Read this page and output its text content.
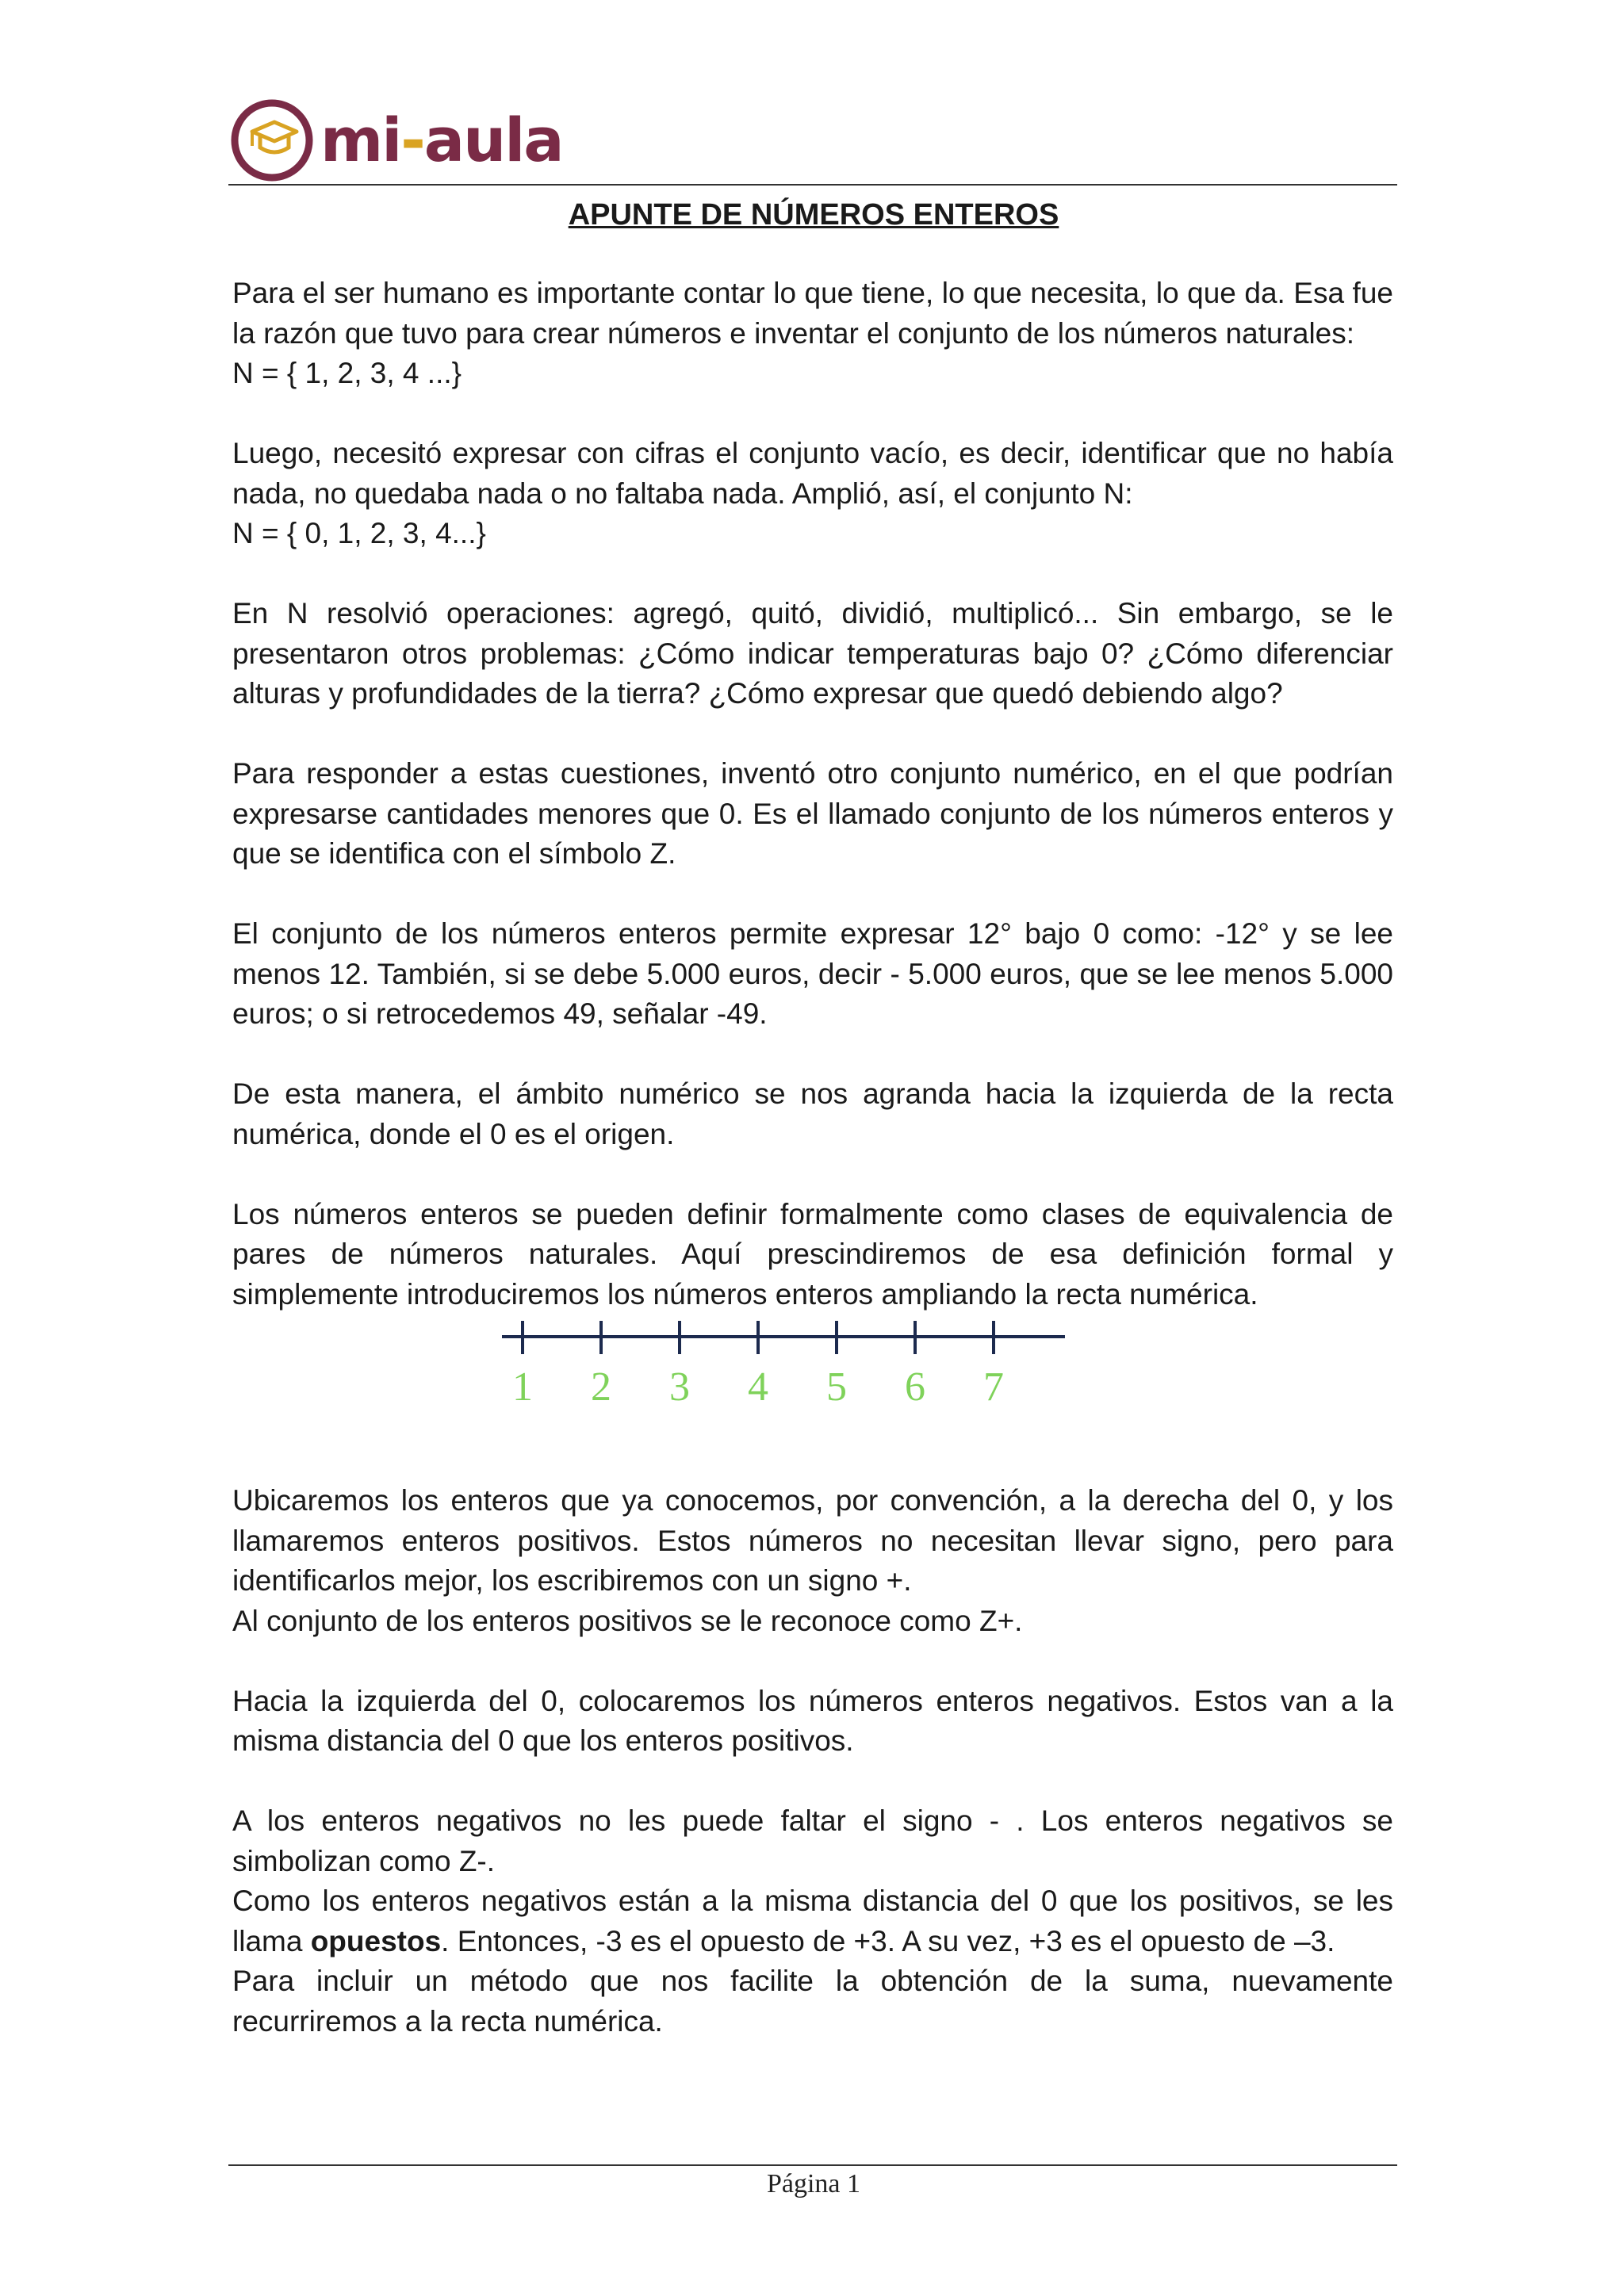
mi-aula
APUNTE DE NÚMEROS ENTEROS

Para el ser humano es importante contar lo que tiene, lo que necesita, lo que da. Esa fue la razón que tuvo para crear números e inventar el conjunto de los números naturales:

N = { 1, 2, 3, 4 ...}

Luego, necesitó expresar con cifras el conjunto vacío, es decir, identificar que no había nada, no quedaba nada o no faltaba nada. Amplió, así, el conjunto N:

N = { 0, 1, 2, 3, 4...}

En N resolvió operaciones: agregó, quitó, dividió, multiplicó... Sin embargo, se le presentaron otros problemas: ¿Cómo indicar temperaturas bajo 0? ¿Cómo diferenciar alturas y profundidades de la tierra? ¿Cómo expresar que quedó debiendo algo?

Para responder a estas cuestiones, inventó otro conjunto numérico, en el que podrían expresarse cantidades menores que 0. Es el llamado conjunto de los números enteros y que se identifica con el símbolo Z.

El conjunto de los números enteros permite expresar 12° bajo 0 como: -12° y se lee menos 12. También, si se debe 5.000 euros, decir - 5.000 euros, que se lee menos 5.000 euros; o si retrocedemos 49, señalar -49.

De esta manera, el ámbito numérico se nos agranda hacia la izquierda de la recta numérica, donde el 0 es el origen.

Los números enteros se pueden definir formalmente como clases de equivalencia de pares de números naturales. Aquí prescindiremos de esa definición formal y simplemente introduciremos los números enteros ampliando la recta numérica.

1 2 3 4 5 6 7

Ubicaremos los enteros que ya conocemos, por convención, a la derecha del 0, y los llamaremos enteros positivos. Estos números no necesitan llevar signo, pero para identificarlos mejor, los escribiremos con un signo +.

Al conjunto de los enteros positivos se le reconoce como Z+.

Hacia la izquierda del 0, colocaremos los números enteros negativos. Estos van a la misma distancia del 0 que los enteros positivos.

A los enteros negativos no les puede faltar el signo - . Los enteros negativos se simbolizan como Z-.

Como los enteros negativos están a la misma distancia del 0 que los positivos, se les llama opuestos. Entonces, -3 es el opuesto de +3. A su vez, +3 es el opuesto de –3.

Para incluir un método que nos facilite la obtención de la suma, nuevamente recurriremos a la recta numérica.

Página 1
